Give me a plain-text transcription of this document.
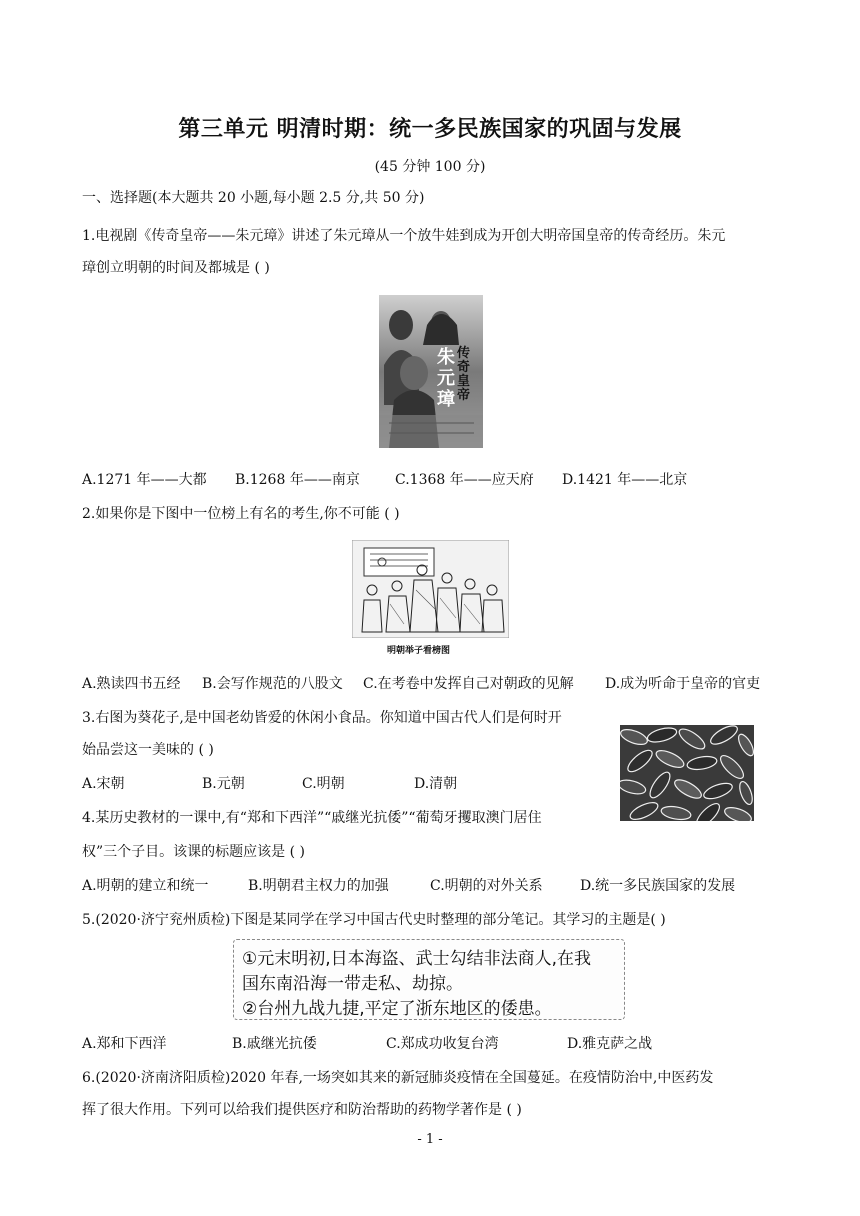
第三单元 明清时期：统一多民族国家的巩固与发展
(45 分钟 100 分)
一、选择题(本大题共 20 小题,每小题 2.5 分,共 50 分)
1.电视剧《传奇皇帝——朱元璋》讲述了朱元璋从一个放牛娃到成为开创大明帝国皇帝的传奇经历。朱元
璋创立明朝的时间及都城是 ( )
传奇皇帝
朱元璋
A.1271 年——大都 B.1268 年——南京	C.1368 年——应天府 D.1421 年——北京
2.如果你是下图中一位榜上有名的考生,你不可能 ( )
明朝举子看榜图
A.熟读四书五经 B.会写作规范的八股文 C.在考卷中发挥自己对朝政的见解 D.成为听命于皇帝的官吏
3.右图为葵花子,是中国老幼皆爱的休闲小食品。你知道中国古代人们是何时开
始品尝这一美味的 ( )
A.宋朝	B.元朝	C.明朝	D.清朝
4.某历史教材的一课中,有“郑和下西洋”“戚继光抗倭”“葡萄牙攫取澳门居住
权”三个子目。该课的标题应该是 ( )
A.明朝的建立和统一	B.明朝君主权力的加强	C.明朝的对外关系	D.统一多民族国家的发展
5.(2020·济宁兖州质检)下图是某同学在学习中国古代史时整理的部分笔记。其学习的主题是( )
①元末明初,日本海盗、武士勾结非法商人,在我
国东南沿海一带走私、劫掠。
②台州九战九捷,平定了浙东地区的倭患。
A.郑和下西洋	B.戚继光抗倭	C.郑成功收复台湾	D.雅克萨之战
6.(2020·济南济阳质检)2020 年春,一场突如其来的新冠肺炎疫情在全国蔓延。在疫情防治中,中医药发
挥了很大作用。下列可以给我们提供医疗和防治帮助的药物学著作是 ( )
- 1 -
